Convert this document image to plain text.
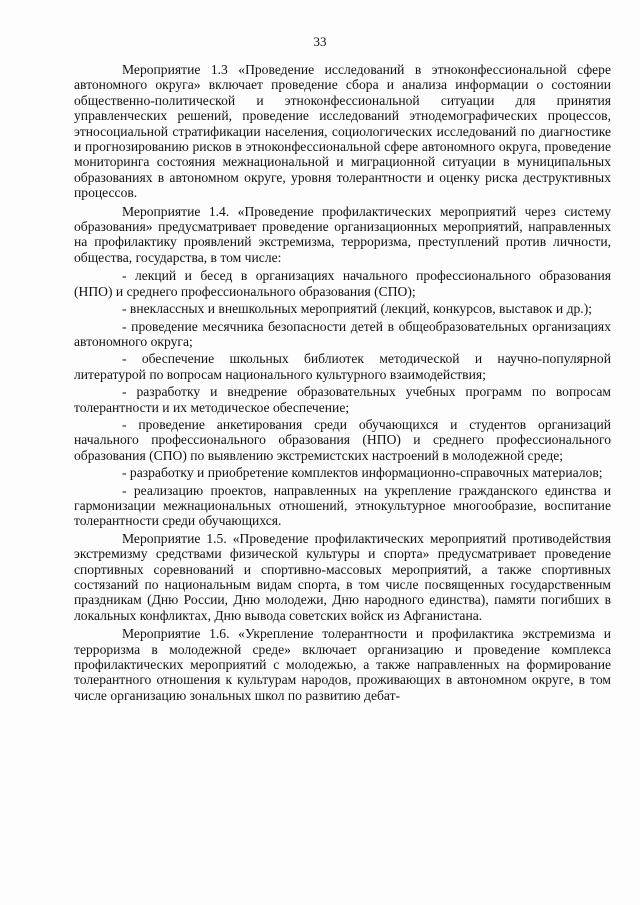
33

Мероприятие 1.3 «Проведение исследований в этноконфессиональной сфере автономного округа» включает проведение сбора и анализа информации о состоянии общественно-политической и этноконфессиональной ситуации для принятия управленческих решений, проведение исследований этнодемографических процессов, этносоциальной стратификации населения, социологических исследований по диагностике и прогнозированию рисков в этноконфессиональной сфере автономного округа, проведение мониторинга состояния межнациональной и миграционной ситуации в муниципальных образованиях в автономном округе, уровня толерантности и оценку риска деструктивных процессов.

Мероприятие 1.4. «Проведение профилактических мероприятий через систему образования» предусматривает проведение организационных мероприятий, направленных на профилактику проявлений экстремизма, терроризма, преступлений против личности, общества, государства, в том числе:

- лекций и бесед в организациях начального профессионального образования (НПО) и среднего профессионального образования (СПО);

- внеклассных и внешкольных мероприятий (лекций, конкурсов, выставок и др.);

- проведение месячника безопасности детей в общеобразовательных организациях автономного округа;

- обеспечение школьных библиотек методической и научно-популярной литературой по вопросам национального культурного взаимодействия;

- разработку и внедрение образовательных учебных программ по вопросам толерантности и их методическое обеспечение;

- проведение анкетирования среди обучающихся и студентов организаций начального профессионального образования (НПО) и среднего профессионального образования (СПО) по выявлению экстремистских настроений в молодежной среде;

- разработку и приобретение комплектов информационно-справочных материалов;

- реализацию проектов, направленных на укрепление гражданского единства и гармонизации межнациональных отношений, этнокультурное многообразие, воспитание толерантности среди обучающихся.

Мероприятие 1.5. «Проведение профилактических мероприятий противодействия экстремизму средствами физической культуры и спорта» предусматривает проведение спортивных соревнований и спортивно-массовых мероприятий, а также спортивных состязаний по национальным видам спорта, в том числе посвященных государственным праздникам (Дню России, Дню молодежи, Дню народного единства), памяти погибших в локальных конфликтах, Дню вывода советских войск из Афганистана.

Мероприятие 1.6. «Укрепление толерантности и профилактика экстремизма и терроризма в молодежной среде» включает организацию и проведение комплекса профилактических мероприятий с молодежью, а также направленных на формирование толерантного отношения к культурам народов, проживающих в автономном округе, в том числе организацию зональных школ по развитию дебат-
